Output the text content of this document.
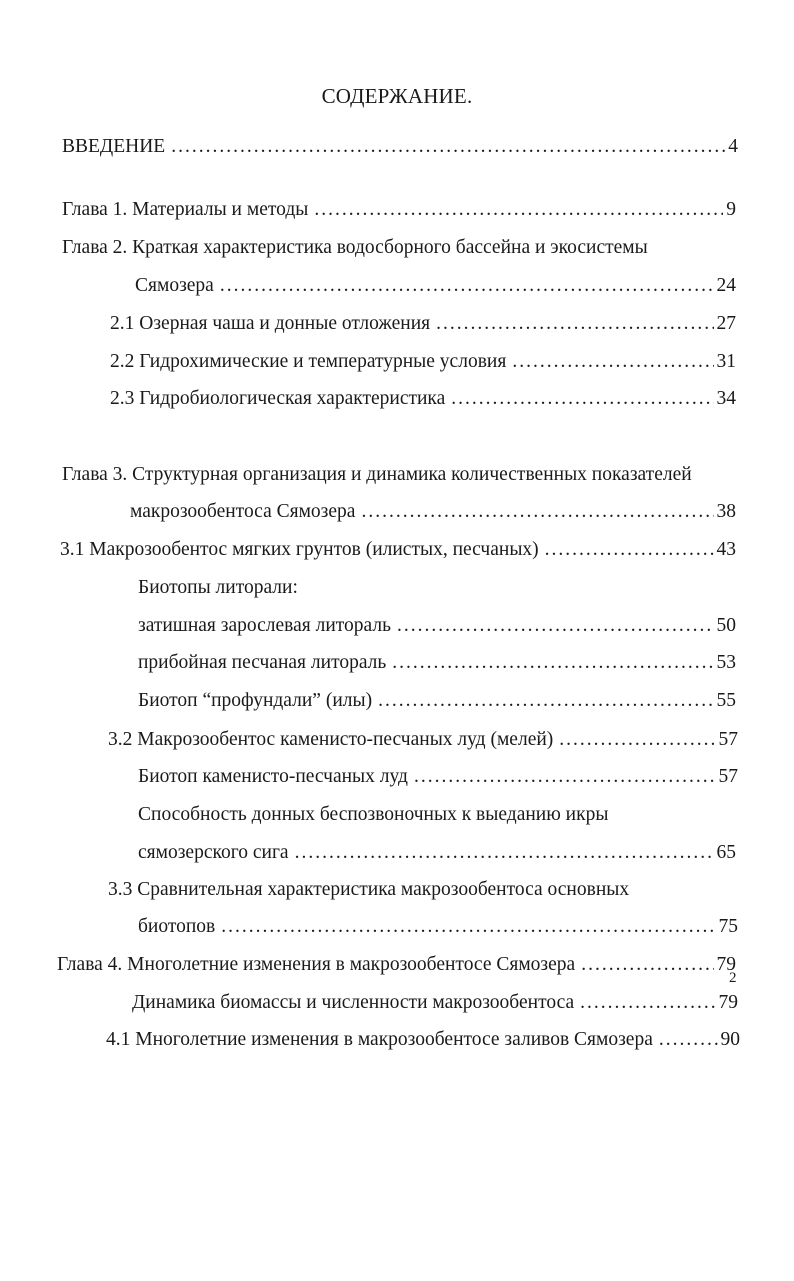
СОДЕРЖАНИЕ.
ВВЕДЕНИЕ .....	4
Глава 1. Материалы и методы .....	9
Глава 2. Краткая характеристика водосборного бассейна и экосистемы
Сямозера .....	24
2.1 Озерная чаша и донные отложения .....	27
2.2 Гидрохимические и температурные условия .....	31
2.3 Гидробиологическая характеристика .....	34
Глава 3. Структурная организация и динамика количественных показателей
макрозообентоса Сямозера .....	38
3.1 Макрозообентос мягких грунтов (илистых, песчаных) .....	43
Биотопы литорали:
затишная зарослевая литораль .....	50
прибойная песчаная литораль .....	53
Биотоп “профундали” (илы) .....	55
3.2 Макрозообентос каменисто-песчаных луд (мелей) .....	57
Биотоп каменисто-песчаных луд .....	57
Способность донных беспозвоночных к выеданию икры
сямозерского сига .....	65
3.3 Сравнительная характеристика макрозообентоса основных
биотопов .....	75
Глава 4. Многолетние изменения в макрозообентосе Сямозера .....	79
Динамика биомассы и численности макрозообентоса .....	79
4.1 Многолетние изменения в макрозообентосе заливов Сямозера .....	90
2
